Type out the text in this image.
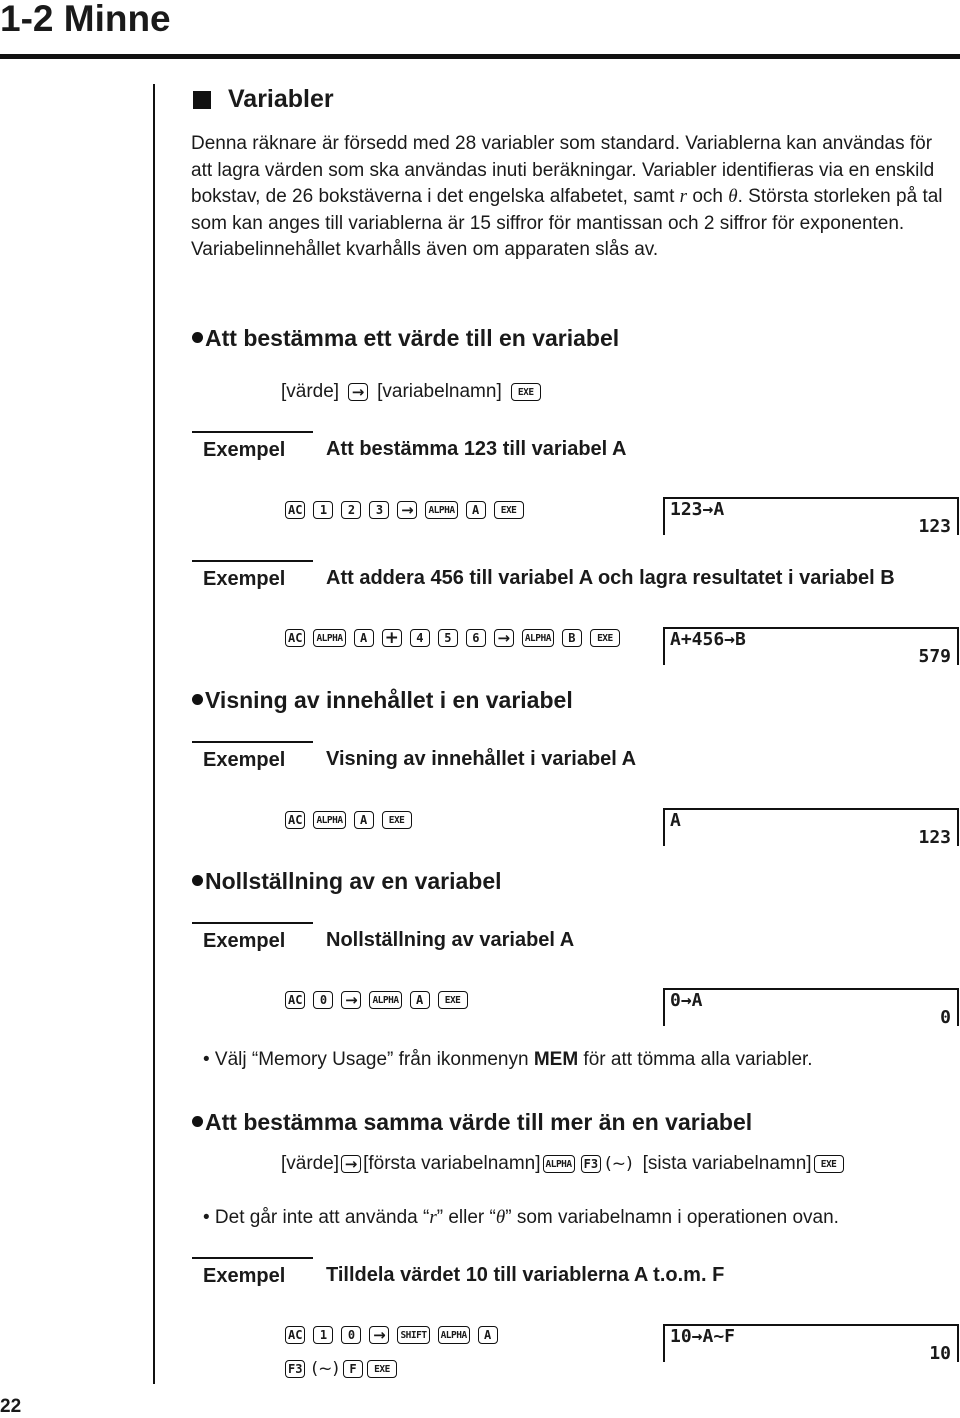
1-2 Minne
22
Variabler
Denna räknare är försedd med 28 variabler som standard. Variablerna kan användas för att lagra värden som ska användas inuti beräkningar. Variabler identifieras via en enskild bokstav, de 26 bokstäverna i det engelska alfabetet, samt r och θ. Största storleken på tal som kan anges till variablerna är 15 siffror för mantissan och 2 siffror för exponenten. Variabelinnehållet kvarhålls även om apparaten slås av.
Att bestämma ett värde till en variabel
[värde] → [variabelnamn]	EXE
Exempel	Att bestämma 123 till variabel A
AC	1	2	3	→	ALPHA	A	EXE	123→A
123
Exempel	Att addera 456 till variabel A och lagra resultatet i variabel B
AC	ALPHA	A	+	4	5	6	→	ALPHA	B	EXE	A+456→B
579
Visning av innehållet i en variabel
Exempel	Visning av innehållet i variabel A
AC	ALPHA	A	EXE	A
123
Nollställning av en variabel
Exempel	Nollställning av variabel A
AC	0	→	ALPHA	A	EXE	0→A
0
• Välj “Memory Usage” från ikonmenyn MEM för att tömma alla variabler.
Att bestämma samma värde till mer än en variabel
[värde] → [första variabelnamn] ALPHA F3 (~) [sista variabelnamn] EXE
• Det går inte att använda “r” eller “θ” som variabelnamn i operationen ovan.
Exempel	Tilldela värdet 10 till variablerna A t.o.m. F
AC	1	0	→	SHIFT	ALPHA	A
F3 (~) F	EXE
10→A~F
10
